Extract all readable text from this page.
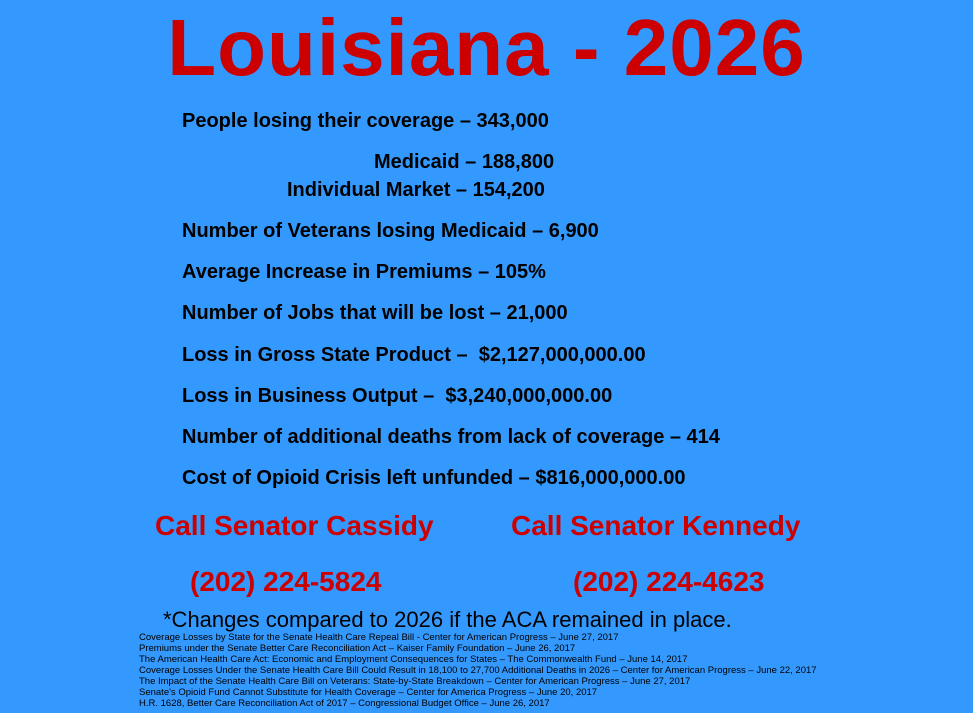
Louisiana - 2026
People losing their coverage – 343,000
Medicaid – 188,800
Individual Market – 154,200
Number of Veterans losing Medicaid – 6,900
Average Increase in Premiums – 105%
Number of Jobs that will be lost – 21,000
Loss in Gross State Product –  $2,127,000,000.00
Loss in Business Output –  $3,240,000,000.00
Number of additional deaths from lack of coverage – 414
Cost of Opioid Crisis left unfunded – $816,000,000.00
Call Senator Cassidy	Call Senator Kennedy
(202) 224-5824	(202) 224-4623
*Changes compared to 2026 if the ACA remained in place.
Coverage Losses by State for the Senate Health Care Repeal Bill - Center for American Progress – June 27, 2017
Premiums under the Senate Better Care Reconciliation Act – Kaiser Family Foundation – June 26, 2017
The American Health Care Act: Economic and Employment Consequences for States – The Commonwealth Fund – June 14, 2017
Coverage Losses Under the Senate Health Care Bill Could Result in 18,100 to 27,700 Additional Deaths in 2026 – Center for American Progress – June 22, 2017
The Impact of the Senate Health Care Bill on Veterans: State-by-State Breakdown – Center for American Progress – June 27, 2017
Senate's Opioid Fund Cannot Substitute for Health Coverage – Center for America Progress – June 20, 2017
H.R. 1628, Better Care Reconciliation Act of 2017 – Congressional Budget Office – June 26, 2017
